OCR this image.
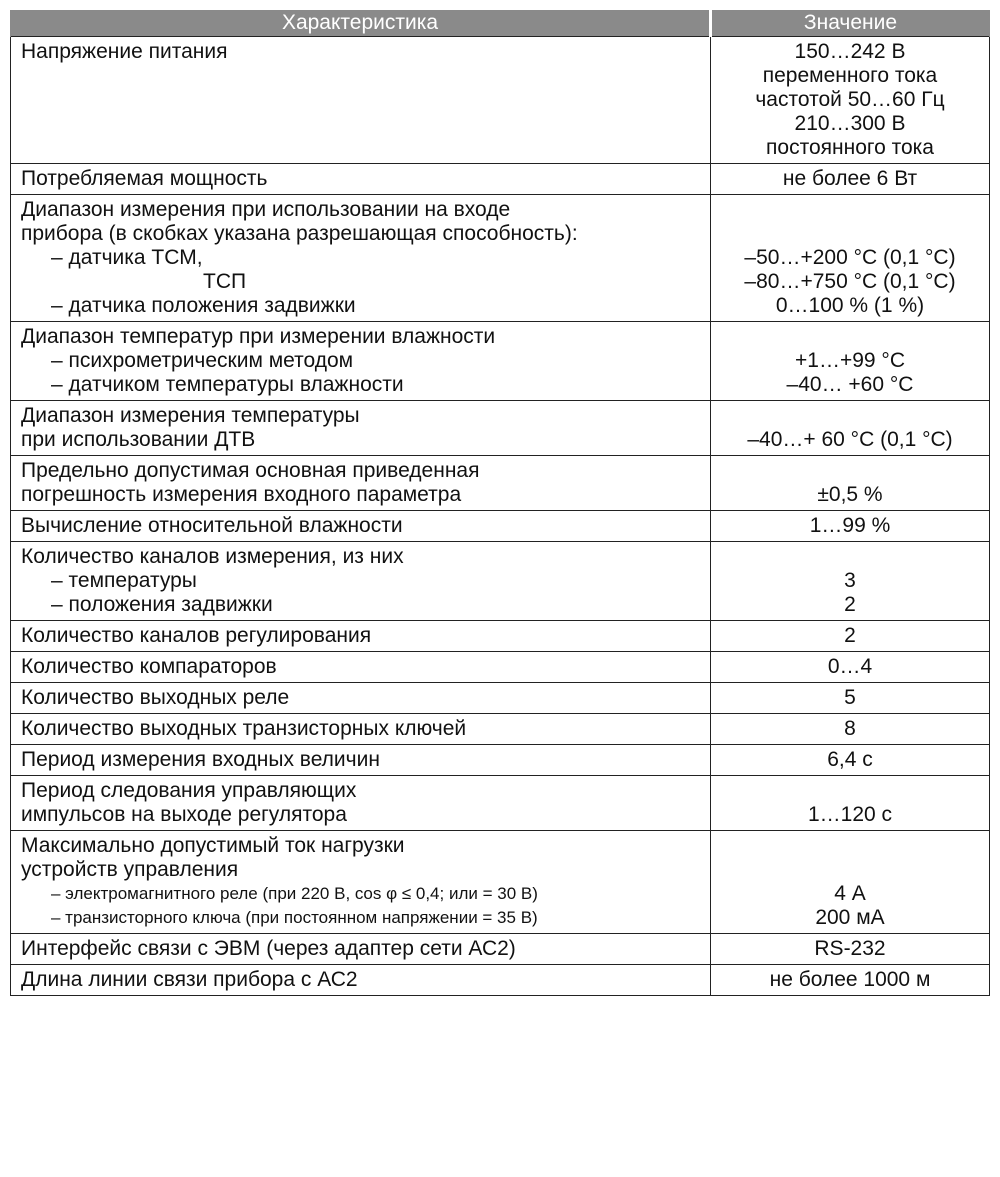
Характеристика	Значение

Напряжение питания	150…242 В
переменного тока
частотой 50…60 Гц
210…300 В
постоянного тока

Потребляемая мощность	не более 6 Вт

Диапазон измерения при использовании на входе
прибора (в скобках указана разрешающая способность):
– датчика ТСМ,
ТСП
– датчика положения задвижки	–50…+200 °С (0,1 °С)
–80…+750 °С (0,1 °С)
0…100 % (1 %)

Диапазон температур при измерении влажности
– психрометрическим методом
– датчиком температуры влажности	+1…+99 °С
–40… +60 °С

Диапазон измерения температуры
при использовании ДТВ	–40…+ 60 °С (0,1 °С)

Предельно допустимая основная приведенная
погрешность измерения входного параметра	±0,5 %

Вычисление относительной влажности	1…99 %

Количество каналов измерения, из них
– температуры
– положения задвижки	3
2

Количество каналов регулирования	2

Количество компараторов	0…4

Количество выходных реле	5

Количество выходных транзисторных ключей	8

Период измерения входных величин	6,4 с

Период следования управляющих
импульсов на выходе регулятора	1…120 с

Максимально допустимый ток нагрузки
устройств управления
– электромагнитного реле (при 220 В, cos φ ≤ 0,4; или = 30 В)
– транзисторного ключа (при постоянном напряжении = 35 В)	4 А
200 мА

Интерфейс связи с ЭВМ (через адаптер сети АС2)	RS-232

Длина линии связи прибора с АС2	не более 1000 м
